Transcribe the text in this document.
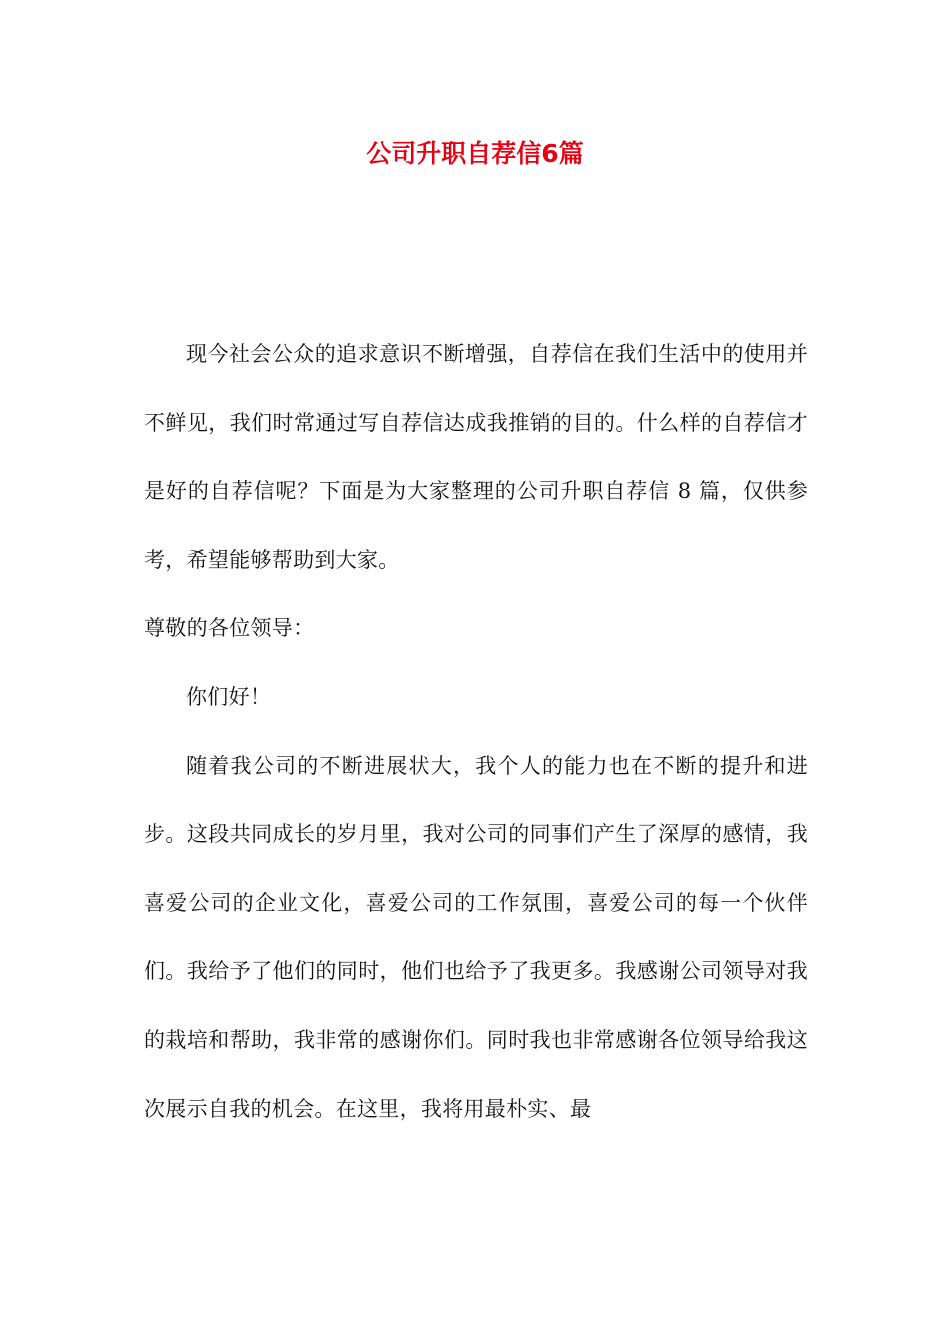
公司升职自荐信6篇

现今社会公众的追求意识不断增强，自荐信在我们生活中的使用并不鲜见，我们时常通过写自荐信达成我推销的目的。什么样的自荐信才是好的自荐信呢？下面是为大家整理的公司升职自荐信 8 篇，仅供参考，希望能够帮助到大家。

尊敬的各位领导：

你们好！

随着我公司的不断进展状大，我个人的能力也在不断的提升和进步。这段共同成长的岁月里，我对公司的同事们产生了深厚的感情，我喜爱公司的企业文化，喜爱公司的工作氛围，喜爱公司的每一个伙伴们。我给予了他们的同时，他们也给予了我更多。我感谢公司领导对我的栽培和帮助，我非常的感谢你们。同时我也非常感谢各位领导给我这次展示自我的机会。在这里，我将用最朴实、最
